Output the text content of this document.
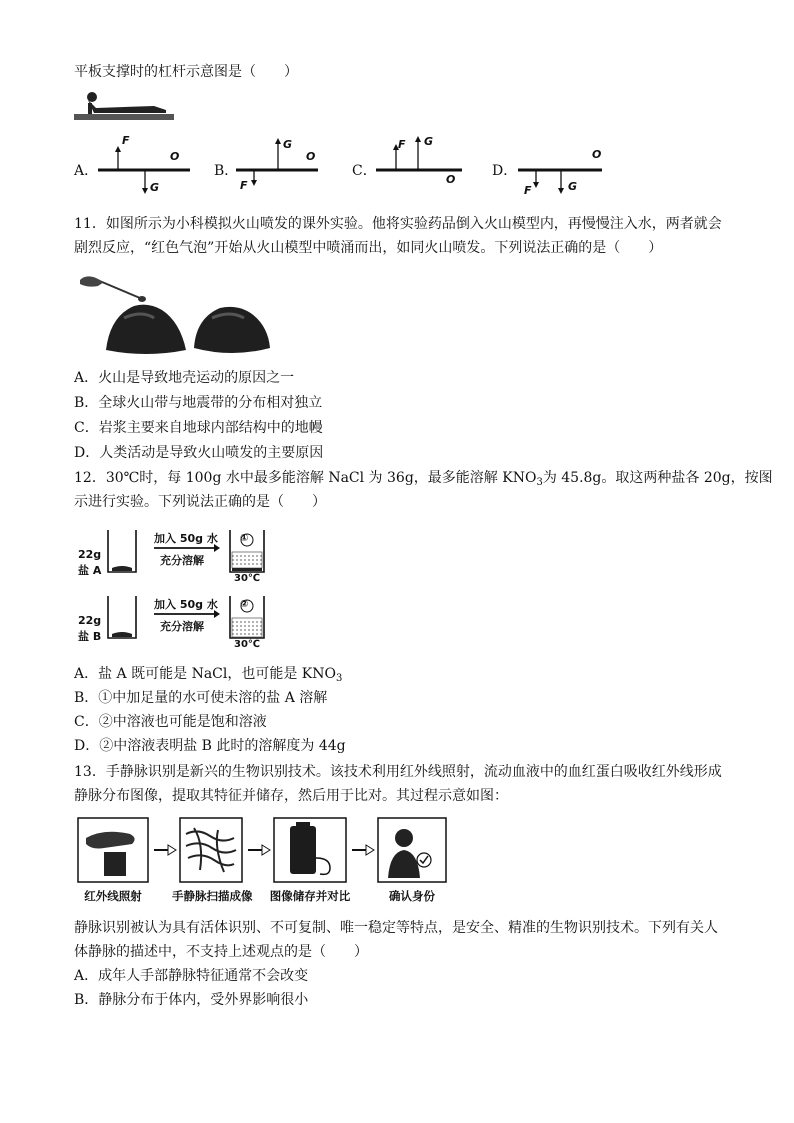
平板支撑时的杠杆示意图是（　　）
A．
F
G
O
B．
G
F
O
C．
F G
O
D．
F	G
O
11．如图所示为小科模拟火山喷发的课外实验。他将实验药品倒入火山模型内，再慢慢注入水，两者就会
剧烈反应，“红色气泡”开始从火山模型中喷涌而出，如同火山喷发。下列说法正确的是（　　）
A．火山是导致地壳运动的原因之一
B．全球火山带与地震带的分布相对独立
C．岩浆主要来自地球内部结构中的地幔
D．人类活动是导致火山喷发的主要原因
12．30℃时，每 100g 水中最多能溶解 NaCl 为 36g，最多能溶解 $KNO_3$为 45.8g。取这两种盐各 20g，按图
示进行实验。下列说法正确的是（　　）
22g
盐 A
加入 50g 水
充分溶解
①
30℃
22g
盐 B
加入 50g 水
充分溶解
②
30℃
A．盐 A 既可能是 NaCl，也可能是 $KNO_3$
B．①中加足量的水可使未溶的盐 A 溶解
C．②中溶液也可能是饱和溶液
D．②中溶液表明盐 B 此时的溶解度为 44g
13．手静脉识别是新兴的生物识别技术。该技术利用红外线照射，流动血液中的血红蛋白吸收红外线形成
静脉分布图像，提取其特征并储存，然后用于比对。其过程示意如图：
红外线照射	手静脉扫描成像 图像储存并对比	确认身份
静脉识别被认为具有活体识别、不可复制、唯一稳定等特点，是安全、精准的生物识别技术。下列有关人
体静脉的描述中，不支持上述观点的是（　　）
A．成年人手部静脉特征通常不会改变
B．静脉分布于体内，受外界影响很小
